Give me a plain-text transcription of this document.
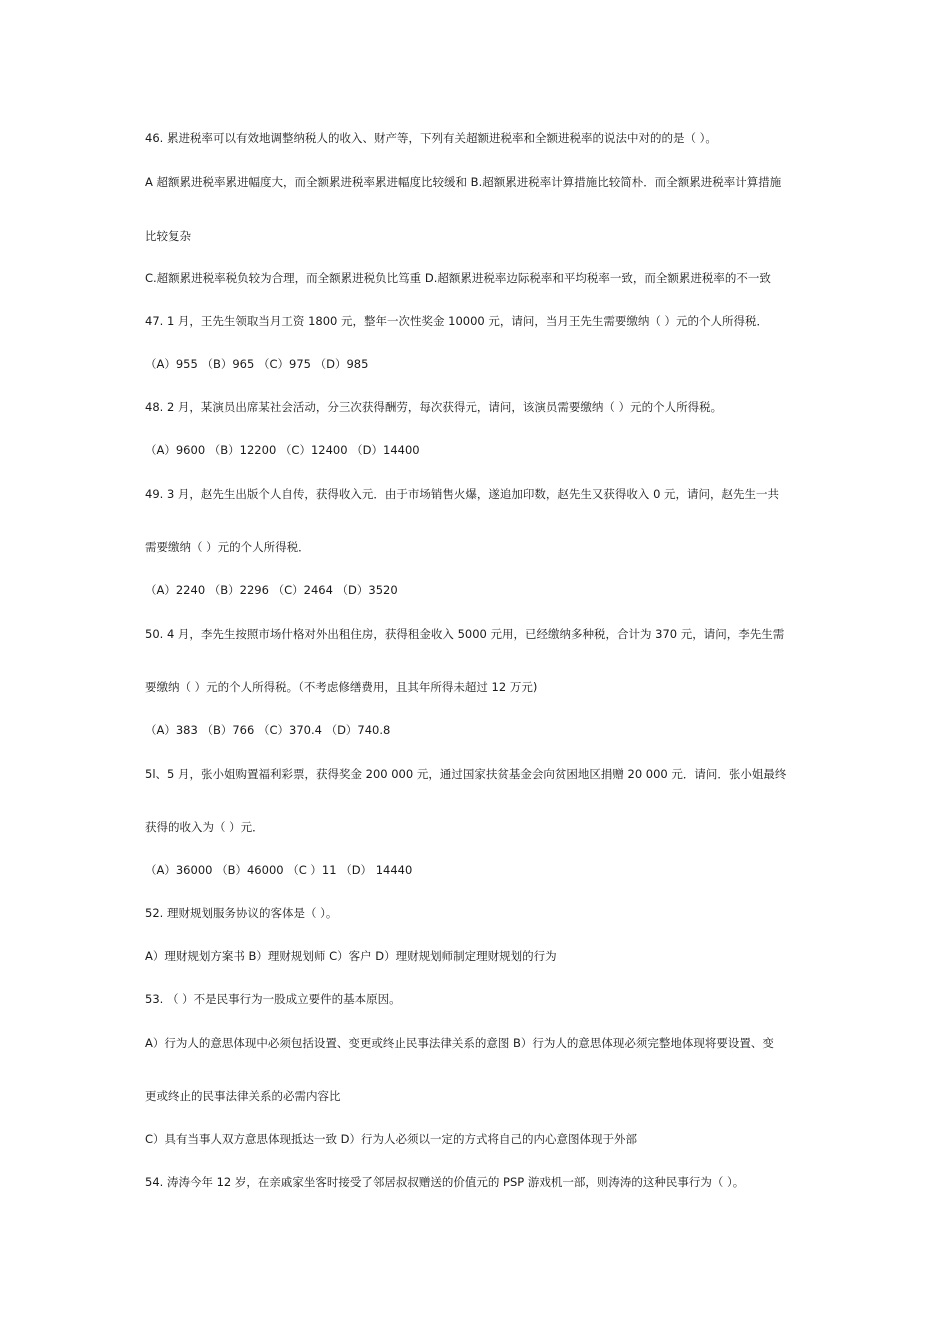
46. 累进税率可以有效地调整纳税人的收入、财产等，下列有关超额进税率和全额进税率的说法中对的的是（ ）。
A 超额累进税率累进幅度大，而全额累进税率累进幅度比较缓和 B.超额累进税率计算措施比较简朴．而全额累进税率计算措施
比较复杂
C.超额累进税率税负较为合理，而全额累进税负比笃重 D.超额累进税率边际税率和平均税率一致，而全额累进税率的不一致
47. 1 月，王先生领取当月工资 1800 元，整年一次性奖金 10000 元，请问，当月王先生需要缴纳（ ）元的个人所得税．
（A）955 （B）965 （C）975 （D）985
48. 2 月，某演员出席某社会活动，分三次获得酬劳，每次获得元，请问，该演员需要缴纳（ ）元的个人所得税。
（A）9600 （B）12200 （C）12400 （D）14400
49. 3 月，赵先生出版个人自传，获得收入元．由于市场销售火爆，遂追加印数，赵先生又获得收入 0 元，请问，赵先生一共
需要缴纳（ ）元的个人所得税．
（A）2240 （B）2296 （C）2464 （D）3520
50. 4 月，李先生按照市场什格对外出租住房，获得租金收入 5000 元用，已经缴纳多种税，合计为 370 元，请问，李先生需
要缴纳（ ）元的个人所得税。（不考虑修缮费用，且其年所得未超过 12 万元)
（A）383 （B）766 （C）370.4 （D）740.8
5l、5 月，张小姐购置福利彩票，获得奖金 200 000 元，通过国家扶贫基金会向贫困地区捐赠 20 000 元．请问．张小姐最终
获得的收入为（ ）元．
（A）36000 （B）46000 （C ）11 （D） 14440
52. 理财规划服务协议的客体是（ ）。
A）理财规划方案书 B）理财规划师 C）客户 D）理财规划师制定理财规划的行为
53. （ ）不是民事行为一股成立要件的基本原因。
A）行为人的意思体现中必须包括设置、变更或终止民事法律关系的意图 B）行为人的意思体现必须完整地体现将要设置、变
更或终止的民事法律关系的必需内容比
C）具有当事人双方意思体现抵达一致 D）行为人必须以一定的方式将自己的内心意图体现于外部
54. 涛涛今年 12 岁，在亲戚家坐客时接受了邻居叔叔赠送的价值元的 PSP 游戏机一部，则涛涛的这种民事行为（ ）。
